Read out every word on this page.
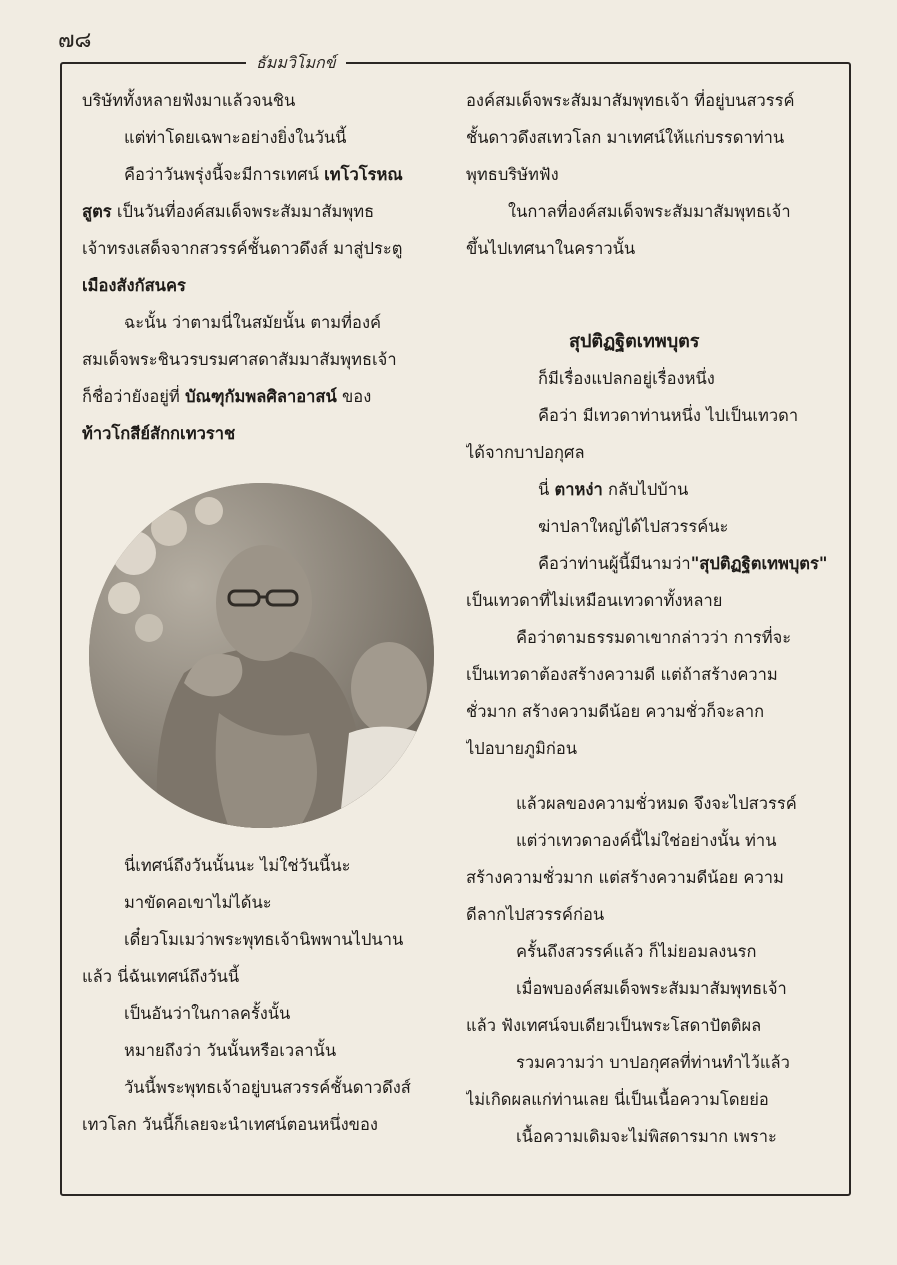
๗๘
ธัมมวิโมกข์
บริษัททั้งหลายฟังมาแล้วจนชิน
แต่ท่าโดยเฉพาะอย่างยิ่งในวันนี้
คือว่าวันพรุ่งนี้จะมีการเทศน์ เทโวโรหณ
สูตร เป็นวันที่องค์สมเด็จพระสัมมาสัมพุทธ
เจ้าทรงเสด็จจากสวรรค์ชั้นดาวดึงส์ มาสู่ประตู
เมืองสังกัสนคร
ฉะนั้น ว่าตามนี่ในสมัยนั้น ตามที่องค์
สมเด็จพระชินวรบรมศาสดาสัมมาสัมพุทธเจ้า
ก็ชื่อว่ายังอยู่ที่ บัณฑุกัมพลศิลาอาสน์ ของ
ท้าวโกสีย์สักกเทวราช
นี่เทศน์ถึงวันนั้นนะ ไม่ใช่วันนี้นะ
มาขัดคอเขาไม่ได้นะ
เดี๋ยวโมเมว่าพระพุทธเจ้านิพพานไปนาน
แล้ว นี่ฉันเทศน์ถึงวันนี้
เป็นอันว่าในกาลครั้งนั้น
หมายถึงว่า วันนั้นหรือเวลานั้น
วันนี้พระพุทธเจ้าอยู่บนสวรรค์ชั้นดาวดึงส์
เทวโลก วันนี้ก็เลยจะนำเทศน์ตอนหนึ่งของ
องค์สมเด็จพระสัมมาสัมพุทธเจ้า ที่อยู่บนสวรรค์
ชั้นดาวดึงสเทวโลก มาเทศน์ให้แก่บรรดาท่าน
พุทธบริษัทฟัง
ในกาลที่องค์สมเด็จพระสัมมาสัมพุทธเจ้า
ขึ้นไปเทศนาในคราวนั้น
สุปติฏฐิตเทพบุตร
ก็มีเรื่องแปลกอยู่เรื่องหนึ่ง
คือว่า มีเทวดาท่านหนึ่ง ไปเป็นเทวดา
ได้จากบาปอกุศล
นี่ ตาหง่า กลับไปบ้าน
ฆ่าปลาใหญ่ได้ไปสวรรค์นะ
คือว่าท่านผู้นี้มีนามว่า"สุปติฏฐิตเทพบุตร"
เป็นเทวดาที่ไม่เหมือนเทวดาทั้งหลาย
คือว่าตามธรรมดาเขากล่าวว่า การที่จะ
เป็นเทวดาต้องสร้างความดี แต่ถ้าสร้างความ
ชั่วมาก สร้างความดีน้อย ความชั่วก็จะลาก
ไปอบายภูมิก่อน
แล้วผลของความชั่วหมด จึงจะไปสวรรค์
แต่ว่าเทวดาองค์นี้ไม่ใช่อย่างนั้น ท่าน
สร้างความชั่วมาก แต่สร้างความดีน้อย ความ
ดีลากไปสวรรค์ก่อน
ครั้นถึงสวรรค์แล้ว ก็ไม่ยอมลงนรก
เมื่อพบองค์สมเด็จพระสัมมาสัมพุทธเจ้า
แล้ว ฟังเทศน์จบเดียวเป็นพระโสดาปัตติผล
รวมความว่า บาปอกุศลที่ท่านทำไว้แล้ว
ไม่เกิดผลแก่ท่านเลย นี่เป็นเนื้อความโดยย่อ
เนื้อความเดิมจะไม่พิสดารมาก เพราะ
